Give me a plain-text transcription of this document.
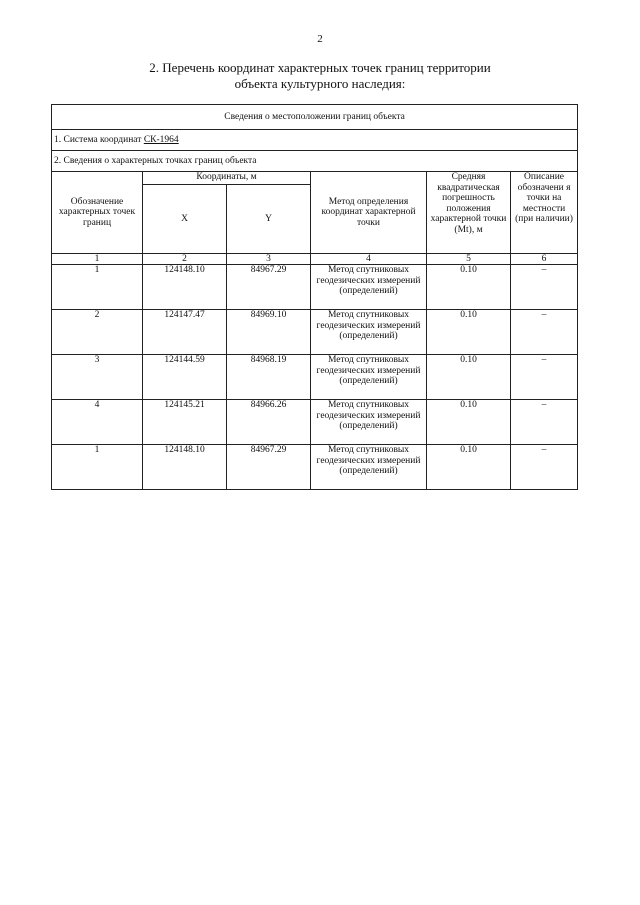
2
2. Перечень координат характерных точек границ территории
объекта культурного наследия:
Сведения о местоположении границ объекта					
1. Система координат СК-1964					
2. Сведения о характерных точках границ объекта					
Обозначение характерных точек границ	Координаты, м		Метод определения координат характерной точки	Средняя квадратическая погрешность положения характерной точки (Mt), м	Описание обозначени я точки на местности (при наличии)
	X	Y			
1	2	3	4	5	6
1	124148.10	84967.29	Метод спутниковых геодезических измерений (определений)	0.10	–
2	124147.47	84969.10	Метод спутниковых геодезических измерений (определений)	0.10	–
3	124144.59	84968.19	Метод спутниковых геодезических измерений (определений)	0.10	–
4	124145.21	84966.26	Метод спутниковых геодезических измерений (определений)	0.10	–
1	124148.10	84967.29	Метод спутниковых геодезических измерений (определений)	0.10	–
